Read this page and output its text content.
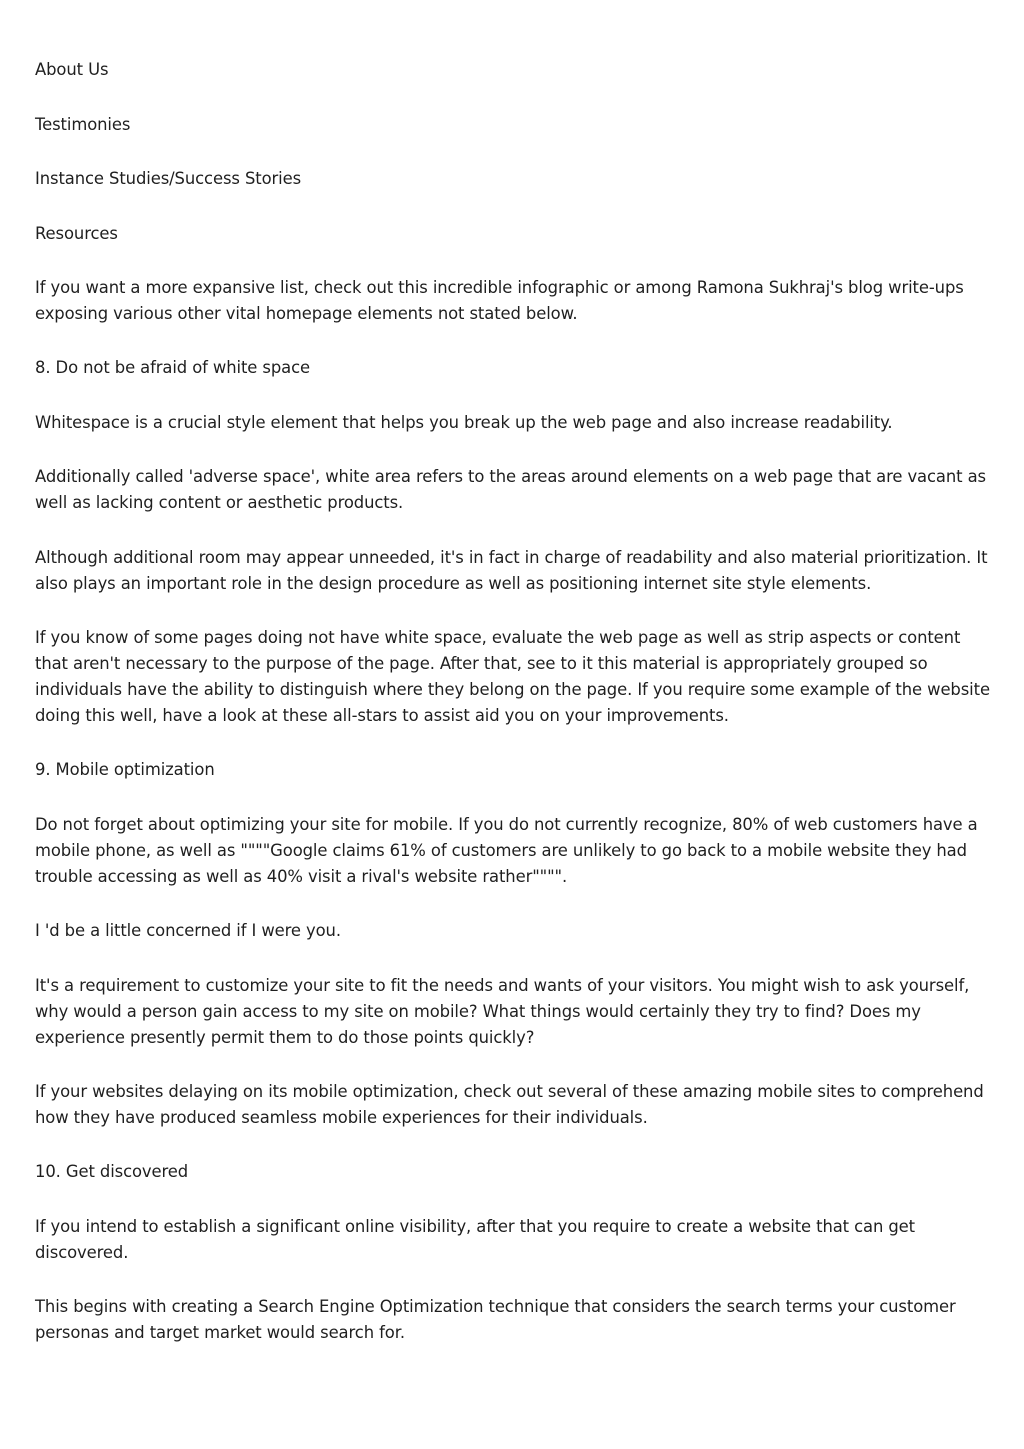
About Us

Testimonies

Instance Studies/Success Stories

Resources

If you want a more expansive list, check out this incredible infographic or among Ramona Sukhraj's blog write-ups exposing various other vital homepage elements not stated below.

8. Do not be afraid of white space

Whitespace is a crucial style element that helps you break up the web page and also increase readability.

Additionally called 'adverse space', white area refers to the areas around elements on a web page that are vacant as well as lacking content or aesthetic products.

Although additional room may appear unneeded, it's in fact in charge of readability and also material prioritization. It also plays an important role in the design procedure as well as positioning internet site style elements.

If you know of some pages doing not have white space, evaluate the web page as well as strip aspects or content that aren't necessary to the purpose of the page. After that, see to it this material is appropriately grouped so individuals have the ability to distinguish where they belong on the page. If you require some example of the website doing this well, have a look at these all-stars to assist aid you on your improvements.

9. Mobile optimization

Do not forget about optimizing your site for mobile. If you do not currently recognize, 80% of web customers have a mobile phone, as well as """"Google claims 61% of customers are unlikely to go back to a mobile website they had trouble accessing as well as 40% visit a rival's website rather"""".

I 'd be a little concerned if I were you.

It's a requirement to customize your site to fit the needs and wants of your visitors. You might wish to ask yourself, why would a person gain access to my site on mobile? What things would certainly they try to find? Does my experience presently permit them to do those points quickly?

If your websites delaying on its mobile optimization, check out several of these amazing mobile sites to comprehend how they have produced seamless mobile experiences for their individuals.

10. Get discovered

If you intend to establish a significant online visibility, after that you require to create a website that can get discovered.

This begins with creating a Search Engine Optimization technique that considers the search terms your customer personas and target market would search for.
